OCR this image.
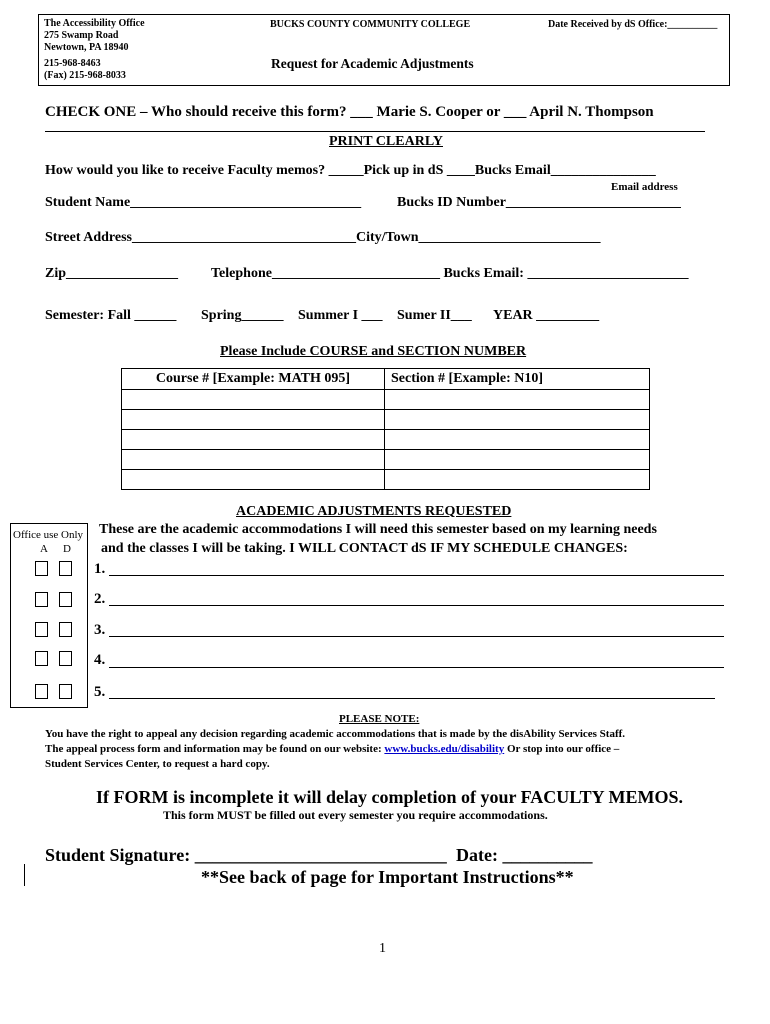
The Accessibility Office
275 Swamp Road
Newtown, PA 18940
215-968-8463
(Fax) 215-968-8033
BUCKS COUNTY COMMUNITY COLLEGE
Request for Academic Adjustments
Date Received by dS Office:__________
CHECK ONE – Who should receive this form? ___ Marie S. Cooper or ___ April N. Thompson
PRINT CLEARLY
How would you like to receive Faculty memos? _____Pick up in dS ____Bucks Email_______________
Email address
Student Name_________________________________	Bucks ID Number_________________________
Street Address________________________________City/Town__________________________
Zip________________ Telephone________________________ Bucks Email: _______________________
Semester: Fall ______ Spring______ Summer I ___ Sumer II___ YEAR _________
Please Include COURSE and SECTION NUMBER
Course # [Example: MATH 095]	Section # [Example: N10]

ACADEMIC ADJUSTMENTS REQUESTED
These are the academic accommodations I will need this semester based on my learning needs
and the classes I will be taking. I WILL CONTACT dS IF MY SCHEDULE CHANGES:
Office use Only
A D
1.
2.
3.
4.
5.
PLEASE NOTE:
You have the right to appeal any decision regarding academic accommodations that is made by the disAbility Services Staff.
The appeal process form and information may be found on our website: www.bucks.edu/disability Or stop into our office –
Student Services Center, to request a hard copy.
If FORM is incomplete it will delay completion of your FACULTY MEMOS.
This form MUST be filled out every semester you require accommodations.
Student Signature: ____________________________ Date: __________
**See back of page for Important Instructions**
1
